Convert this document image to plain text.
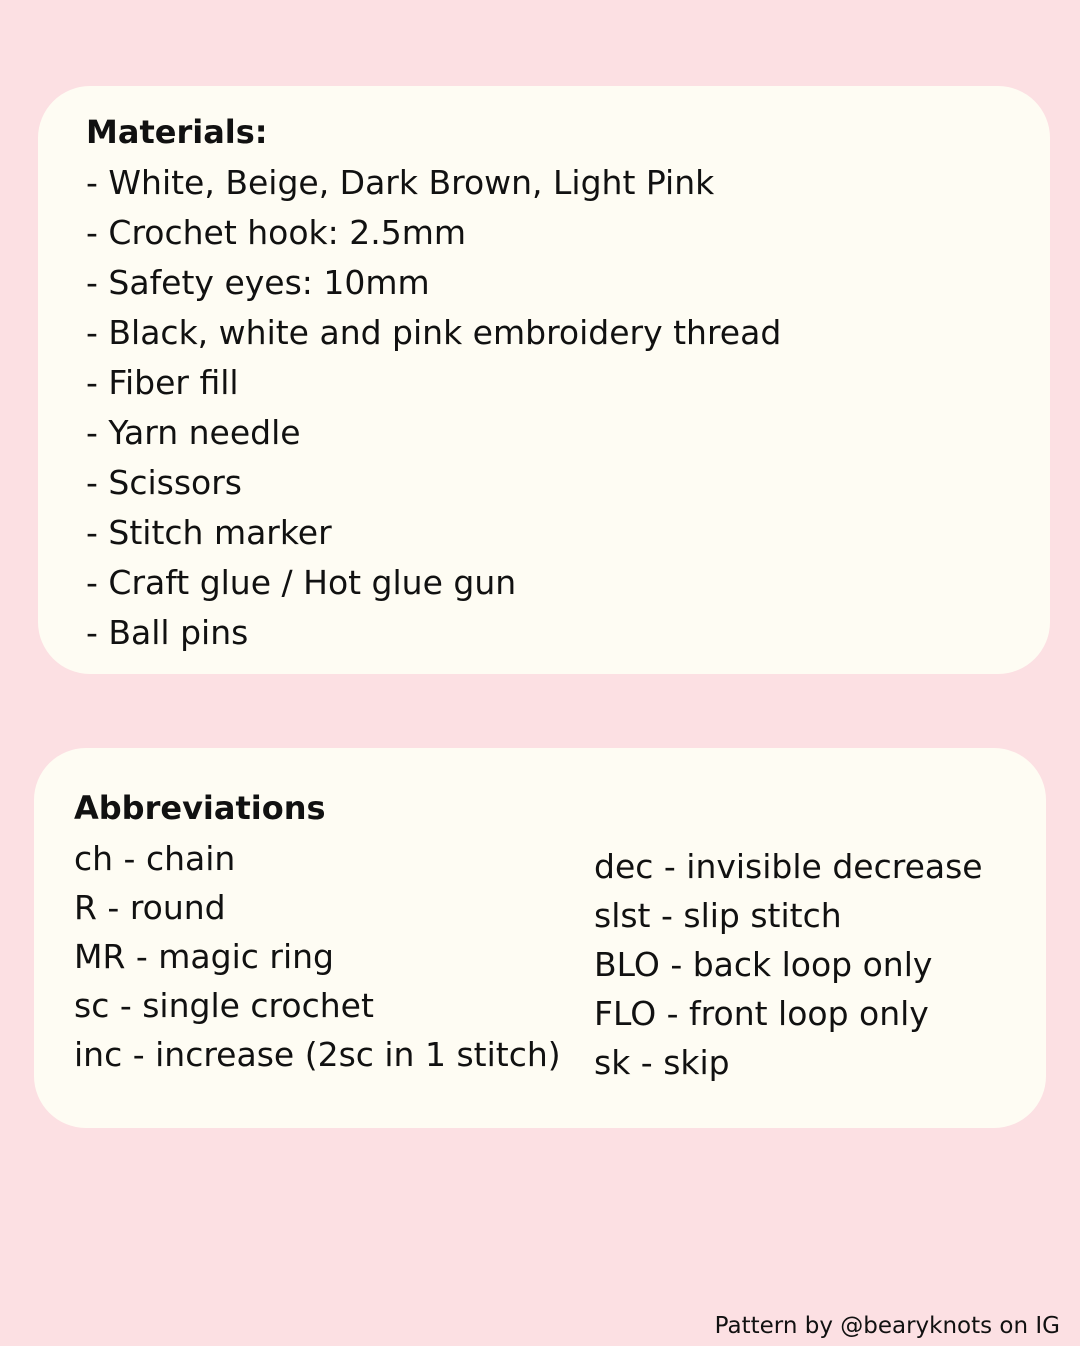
Materials:
- White, Beige, Dark Brown, Light Pink
- Crochet hook: 2.5mm
- Safety eyes: 10mm
- Black, white and pink embroidery thread
- Fiber fill
- Yarn needle
- Scissors
- Stitch marker
- Craft glue / Hot glue gun
- Ball pins
Abbreviations
ch - chain
R - round
MR - magic ring
sc - single crochet
inc - increase (2sc in 1 stitch)
dec - invisible decrease
slst - slip stitch
BLO - back loop only
FLO - front loop only
sk - skip
Pattern by @bearyknots on IG
